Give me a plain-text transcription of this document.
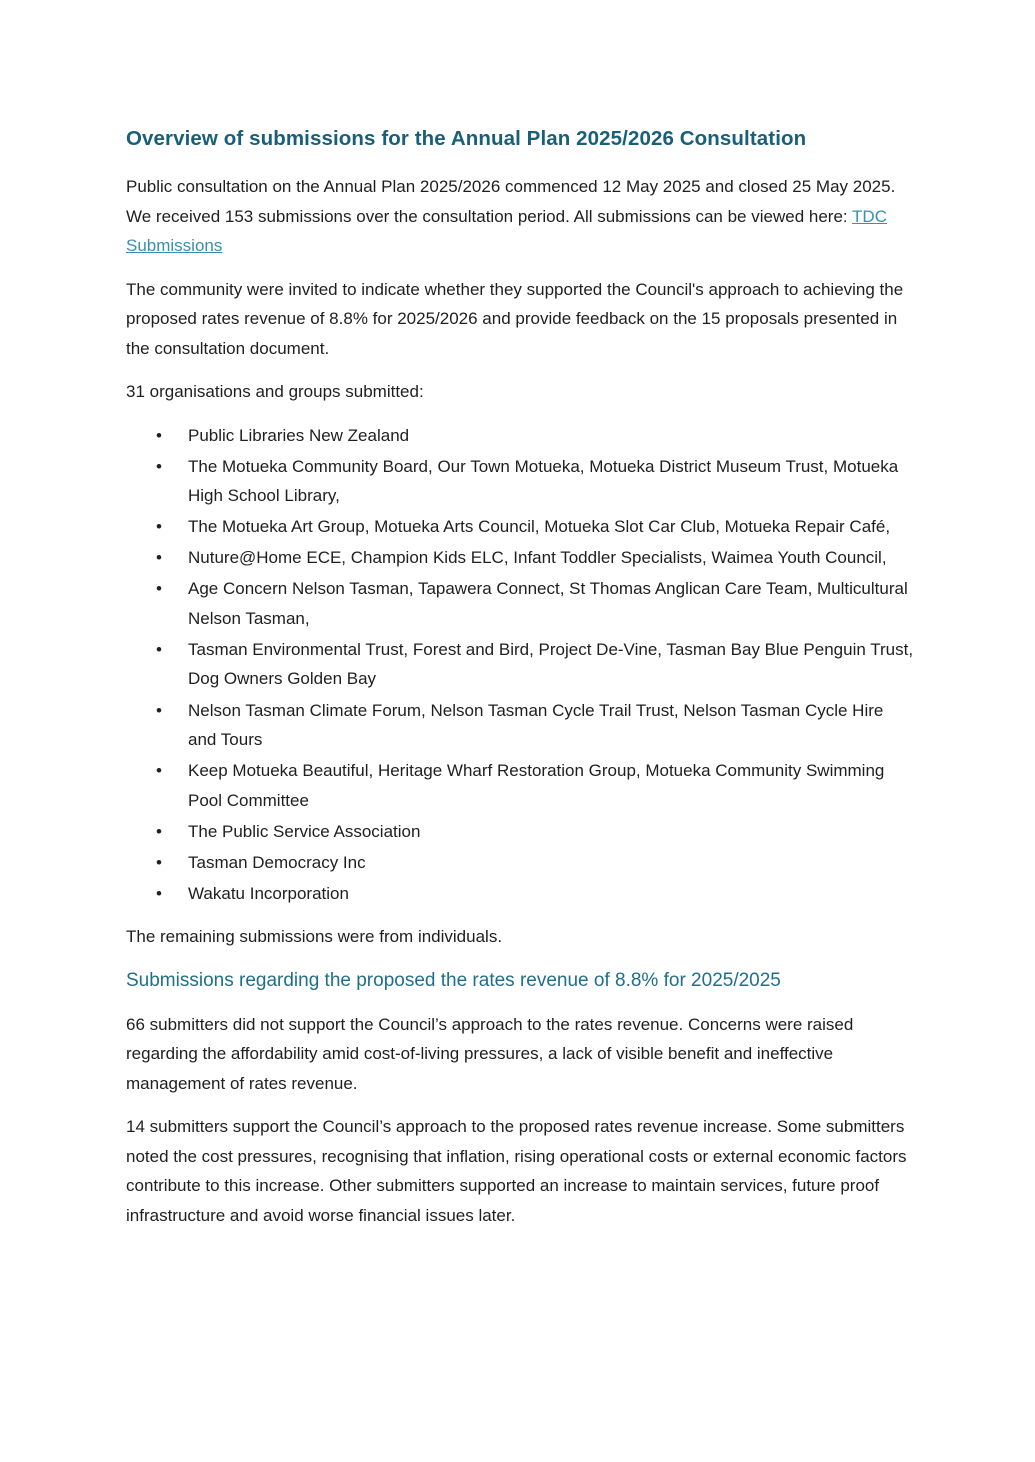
Overview of submissions for the Annual Plan 2025/2026 Consultation

Public consultation on the Annual Plan 2025/2026 commenced 12 May 2025 and closed 25 May 2025. We received 153 submissions over the consultation period. All submissions can be viewed here: TDC Submissions

The community were invited to indicate whether they supported the Council's approach to achieving the proposed rates revenue of 8.8% for 2025/2026 and provide feedback on the 15 proposals presented in the consultation document.

31 organisations and groups submitted:

• Public Libraries New Zealand
• The Motueka Community Board, Our Town Motueka, Motueka District Museum Trust, Motueka High School Library,
• The Motueka Art Group, Motueka Arts Council, Motueka Slot Car Club, Motueka Repair Café,
• Nuture@Home ECE, Champion Kids ELC, Infant Toddler Specialists, Waimea Youth Council,
• Age Concern Nelson Tasman, Tapawera Connect, St Thomas Anglican Care Team, Multicultural Nelson Tasman,
• Tasman Environmental Trust, Forest and Bird, Project De-Vine, Tasman Bay Blue Penguin Trust, Dog Owners Golden Bay
• Nelson Tasman Climate Forum, Nelson Tasman Cycle Trail Trust, Nelson Tasman Cycle Hire and Tours
• Keep Motueka Beautiful, Heritage Wharf Restoration Group, Motueka Community Swimming Pool Committee
• The Public Service Association
• Tasman Democracy Inc
• Wakatu Incorporation

The remaining submissions were from individuals.

Submissions regarding the proposed the rates revenue of 8.8% for 2025/2025

66 submitters did not support the Council’s approach to the rates revenue. Concerns were raised regarding the affordability amid cost-of-living pressures, a lack of visible benefit and ineffective management of rates revenue.

14 submitters support the Council’s approach to the proposed rates revenue increase. Some submitters noted the cost pressures, recognising that inflation, rising operational costs or external economic factors contribute to this increase. Other submitters supported an increase to maintain services, future proof infrastructure and avoid worse financial issues later.
